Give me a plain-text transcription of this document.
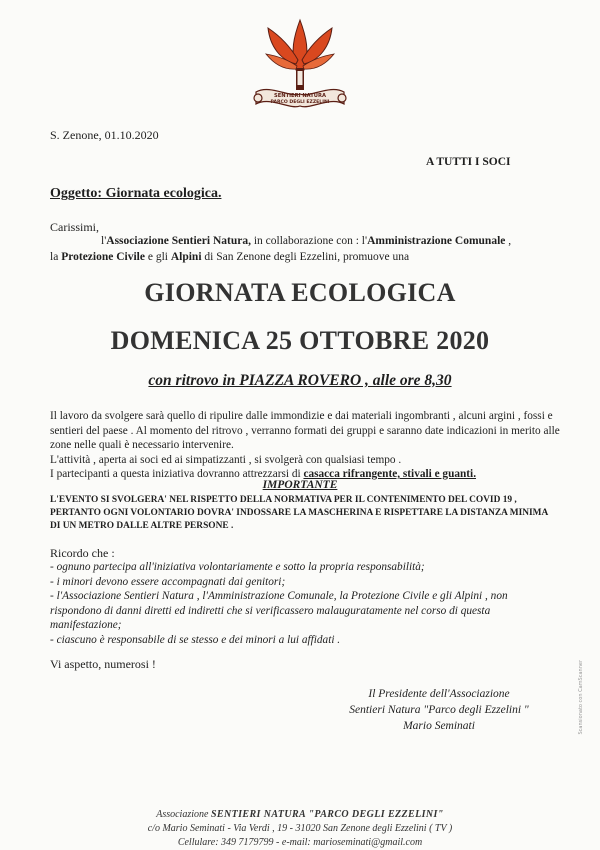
SENTIERI NATURA
PARCO DEGLI EZZELINI
S. Zenone, 01.10.2020
A TUTTI I SOCI
Oggetto: Giornata ecologica.
Carissimi,
l'Associazione Sentieri Natura, in collaborazione con : l'Amministrazione Comunale ,
la Protezione Civile e gli Alpini di San Zenone degli Ezzelini, promuove una
GIORNATA ECOLOGICA
DOMENICA 25 OTTOBRE 2020
con ritrovo in PIAZZA ROVERO , alle ore 8,30

Il lavoro da svolgere sarà quello di ripulire dalle immondizie e dai materiali ingombranti , alcuni argini , fossi e sentieri del paese . Al momento del ritrovo , verranno formati dei gruppi e saranno date indicazioni in merito alle zone nelle quali è necessario intervenire.

L'attività , aperta ai soci ed ai simpatizzanti , si svolgerà con qualsiasi tempo .

I partecipanti a questa iniziativa dovranno attrezzarsi di casacca rifrangente, stivali e guanti.

IMPORTANTE
L'EVENTO SI SVOLGERA' NEL RISPETTO DELLA NORMATIVA PER IL CONTENIMENTO DEL COVID 19 , PERTANTO OGNI VOLONTARIO DOVRA' INDOSSARE LA MASCHERINA E RISPETTARE LA DISTANZA MINIMA DI UN METRO DALLE ALTRE PERSONE .
Ricordo che :
- ognuno partecipa all'iniziativa volontariamente e sotto la propria responsabilità;
- i minori devono essere accompagnati dai genitori;
- l'Associazione Sentieri Natura , l'Amministrazione Comunale, la Protezione Civile e gli Alpini , non rispondono di danni diretti ed indiretti che si verificassero malauguratamente nel corso di questa manifestazione;
- ciascuno è responsabile di se stesso e dei minori a lui affidati .
Vi aspetto, numerosi !
Il Presidente dell'Associazione
Sentieri Natura "Parco degli Ezzelini "
Mario Seminati
Associazione SENTIERI NATURA "PARCO DEGLI EZZELINI"
c/o Mario Seminati - Via Verdi , 19 - 31020 San Zenone degli Ezzelini ( TV )
Cellulare: 349 7179799 - e-mail: marioseminati@gmail.com
Scansionato con CamScanner
